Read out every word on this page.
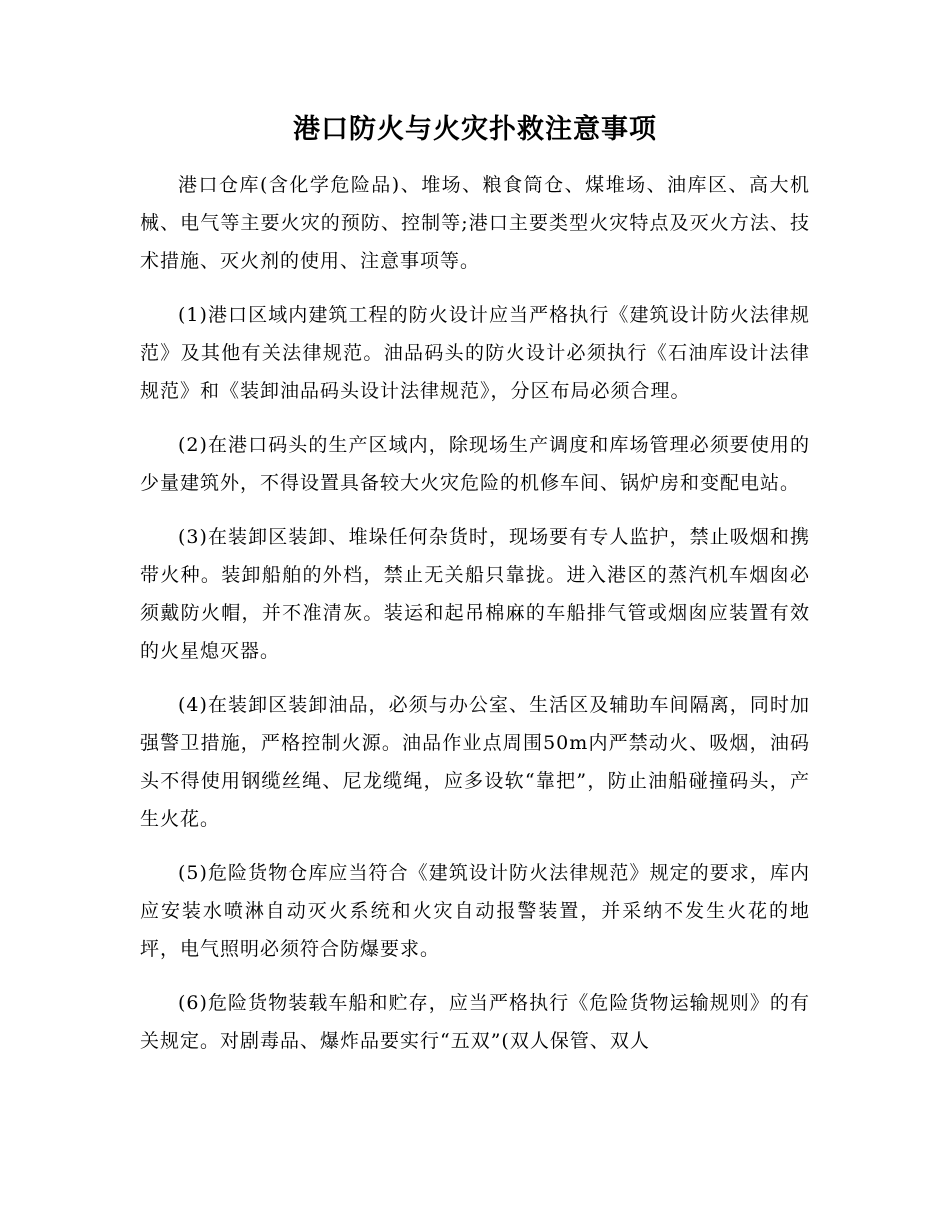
港口防火与火灾扑救注意事项

港口仓库(含化学危险品)、堆场、粮食筒仓、煤堆场、油库区、高大机械、电气等主要火灾的预防、控制等;港口主要类型火灾特点及灭火方法、技术措施、灭火剂的使用、注意事项等。

(1)港口区域内建筑工程的防火设计应当严格执行《建筑设计防火法律规范》及其他有关法律规范。油品码头的防火设计必须执行《石油库设计法律规范》和《装卸油品码头设计法律规范》，分区布局必须合理。

(2)在港口码头的生产区域内，除现场生产调度和库场管理必须要使用的少量建筑外，不得设置具备较大火灾危险的机修车间、锅炉房和变配电站。

(3)在装卸区装卸、堆垛任何杂货时，现场要有专人监护，禁止吸烟和携带火种。装卸船舶的外档，禁止无关船只靠拢。进入港区的蒸汽机车烟囱必须戴防火帽，并不准清灰。装运和起吊棉麻的车船排气管或烟囱应装置有效的火星熄灭器。

(4)在装卸区装卸油品，必须与办公室、生活区及辅助车间隔离，同时加强警卫措施，严格控制火源。油品作业点周围50m内严禁动火、吸烟，油码头不得使用钢缆丝绳、尼龙缆绳，应多设软“靠把”，防止油船碰撞码头，产生火花。

(5)危险货物仓库应当符合《建筑设计防火法律规范》规定的要求，库内应安装水喷淋自动灭火系统和火灾自动报警装置，并采纳不发生火花的地坪，电气照明必须符合防爆要求。

(6)危险货物装载车船和贮存，应当严格执行《危险货物运输规则》的有关规定。对剧毒品、爆炸品要实行“五双”(双人保管、双人
